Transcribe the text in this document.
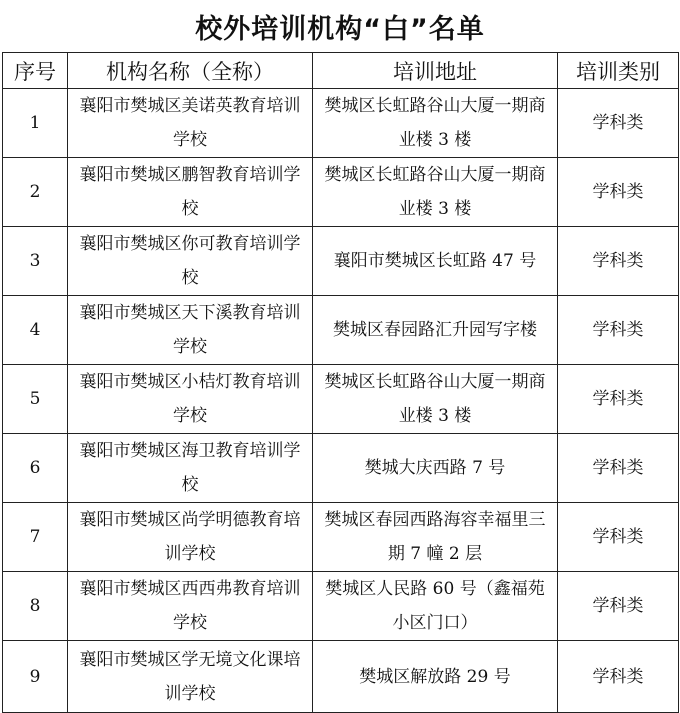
校外培训机构“白”名单
序号	机构名称（全称）	培训地址	培训类别
1	襄阳市樊城区美诺英教育培训学校	樊城区长虹路谷山大厦一期商业楼 3 楼	学科类
2	襄阳市樊城区鹏智教育培训学校	樊城区长虹路谷山大厦一期商业楼 3 楼	学科类
3	襄阳市樊城区你可教育培训学校	襄阳市樊城区长虹路 47 号	学科类
4	襄阳市樊城区天下溪教育培训学校	樊城区春园路汇升园写字楼	学科类
5	襄阳市樊城区小桔灯教育培训学校	樊城区长虹路谷山大厦一期商业楼 3 楼	学科类
6	襄阳市樊城区海卫教育培训学校	樊城大庆西路 7 号	学科类
7	襄阳市樊城区尚学明德教育培训学校	樊城区春园西路海容幸福里三期 7 幢 2 层	学科类
8	襄阳市樊城区西西弗教育培训学校	樊城区人民路 60 号（鑫福苑小区门口）	学科类
9	襄阳市樊城区学无境文化课培训学校	樊城区解放路 29 号	学科类
